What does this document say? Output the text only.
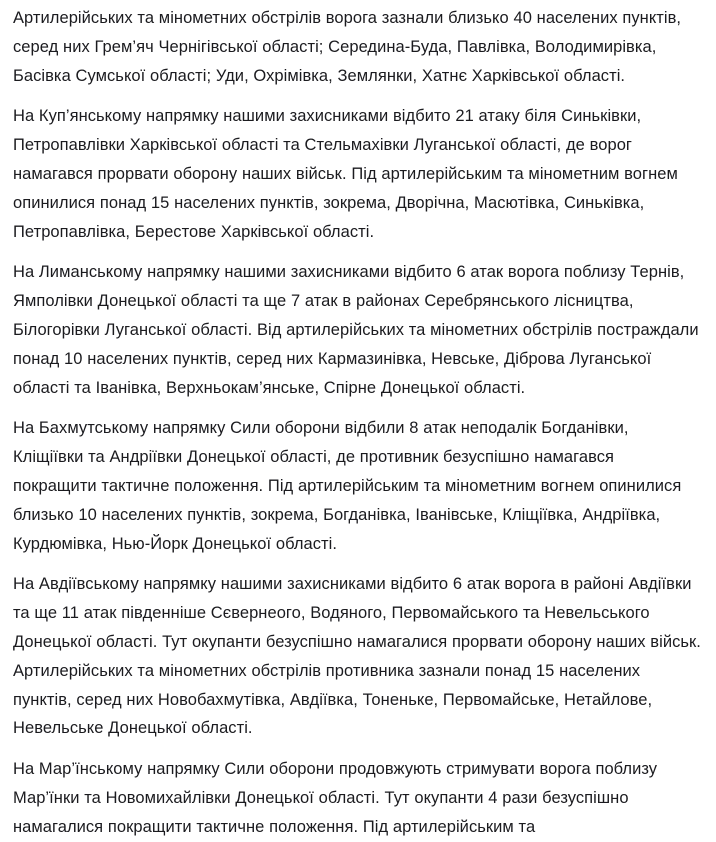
Артилерійських та мінометних обстрілів ворога зазнали близько 40 населених пунктів, серед них Грем’яч Чернігівської області; Середина-Буда, Павлівка, Володимирівка, Басівка Сумської області; Уди, Охрімівка, Землянки, Хатнє Харківської області.

На Куп’янському напрямку нашими захисниками відбито 21 атаку біля Синьківки, Петропавлівки Харківської області та Стельмахівки Луганської області, де ворог намагався прорвати оборону наших військ. Під артилерійським та мінометним вогнем опинилися понад 15 населених пунктів, зокрема, Дворічна, Масютівка, Синьківка, Петропавлівка, Берестове Харківської області.

На Лиманському напрямку нашими захисниками відбито 6 атак ворога поблизу Тернів, Ямполівки Донецької області та ще 7 атак в районах Серебрянського лісництва, Білогорівки Луганської області. Від артилерійських та мінометних обстрілів постраждали понад 10 населених пунктів, серед них Кармазинівка, Невське, Діброва Луганської області та Іванівка, Верхньокам’янське, Спірне Донецької області.

На Бахмутському напрямку Сили оборони відбили 8 атак неподалік Богданівки, Кліщіївки та Андріївки Донецької області, де противник безуспішно намагався покращити тактичне положення. Під артилерійським та мінометним вогнем опинилися близько 10 населених пунктів, зокрема, Богданівка, Іванівське, Кліщіївка, Андріївка, Курдюмівка, Нью-Йорк Донецької області.

На Авдіївському напрямку нашими захисниками відбито 6 атак ворога в районі Авдіївки та ще 11 атак південніше Сєвернеого, Водяного, Первомайського та Невельського Донецької області. Тут окупанти безуспішно намагалися прорвати оборону наших військ. Артилерійських та мінометних обстрілів противника зазнали понад 15 населених пунктів, серед них Новобахмутівка, Авдіївка, Тоненьке, Первомайське, Нетайлове, Невельське Донецької області.

На Мар’їнському напрямку Сили оборони продовжують стримувати ворога поблизу Мар’їнки та Новомихайлівки Донецької області. Тут окупанти 4 рази безуспішно намагалися покращити тактичне положення. Під артилерійським та
